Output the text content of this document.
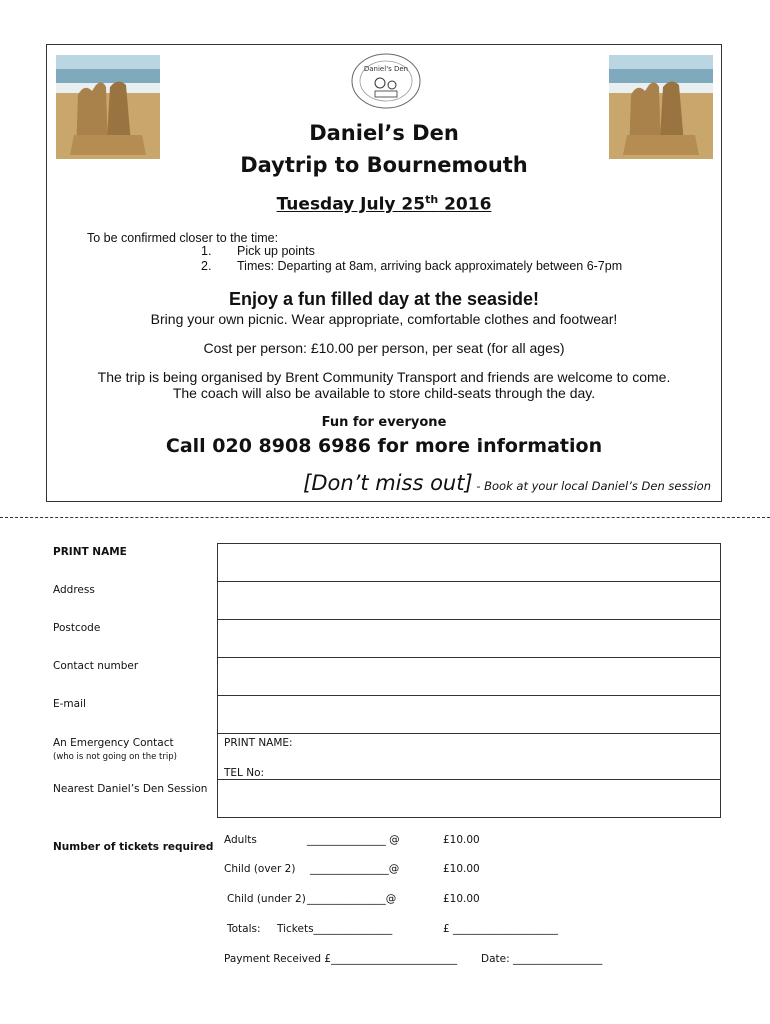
Daniel's Den
Daniel’s Den
Daytrip to Bournemouth
Tuesday July 25th 2016
To be confirmed closer to the time:
1. Pick up points
2. Times: Departing at 8am, arriving back approximately between 6-7pm
Enjoy a fun filled day at the seaside!
Bring your own picnic. Wear appropriate, comfortable clothes and footwear!
Cost per person: £10.00 per person, per seat (for all ages)
The trip is being organised by Brent Community Transport and friends are welcome to come.
The coach will also be available to store child-seats through the day.
Fun for everyone
Call 020 8908 6986 for more information
[Don’t miss out] - Book at your local Daniel’s Den session
PRINT NAME
Address
Postcode
Contact number
E-mail
An Emergency Contact
(who is not going on the trip)
PRINT NAME:
TEL No:
Nearest Daniel’s Den Session
Number of tickets required
Adults	_______________ @	£10.00
Child (over 2) _______________@	£10.00
Child (under 2) _______________@	£10.00
Totals: Tickets_______________	£ ____________________
Payment Received £________________________ Date: _________________
